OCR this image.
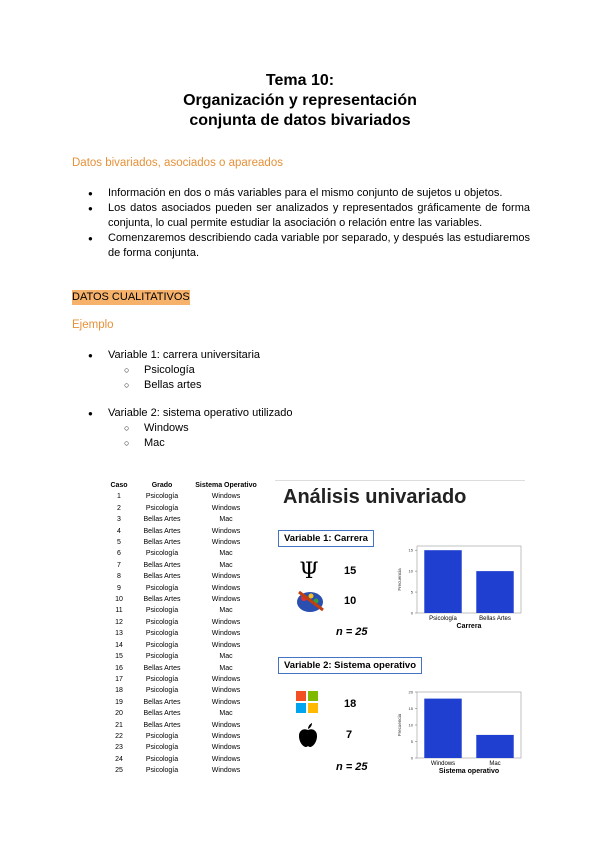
Tema 10:
Organización y representación
conjunta de datos bivariados
Datos bivariados, asociados o apareados
● Información en dos o más variables para el mismo conjunto de sujetos u objetos.
● Los datos asociados pueden ser analizados y representados gráficamente de forma conjunta, lo cual permite estudiar la asociación o relación entre las variables.
● Comenzaremos describiendo cada variable por separado, y después las estudiaremos de forma conjunta.
DATOS CUALITATIVOS
Ejemplo
● Variable 1: carrera universitaria
○ Psicología
○ Bellas artes
● Variable 2: sistema operativo utilizado
○ Windows
○ Mac
Caso	Grado	Sistema Operativo
1	Psicología	Windows
2	Psicología	Windows
3	Bellas Artes	Mac
4	Bellas Artes	Windows
5	Bellas Artes	Windows
6	Psicología	Mac
7	Bellas Artes	Mac
8	Bellas Artes	Windows
9	Psicología	Windows
10	Bellas Artes	Windows
11	Psicología	Mac
12	Psicología	Windows
13	Psicología	Windows
14	Psicología	Windows
15	Psicología	Mac
16	Bellas Artes	Mac
17	Psicología	Windows
18	Psicología	Windows
19	Bellas Artes	Windows
20	Bellas Artes	Mac
21	Bellas Artes	Windows
22	Psicología	Windows
23	Psicología	Windows
24	Psicología	Windows
25	Psicología	Windows
Análisis univariado
Variable 1: Carrera
Ψ 15
10
n = 25
0
5
10
15
Frecuencia
Psicología	Bellas Artes
Carrera
Variable 2: Sistema operativo
18
7
n = 25
0
5
10
15
20
Frecuencia
Windows	Mac
Sistema operativo
